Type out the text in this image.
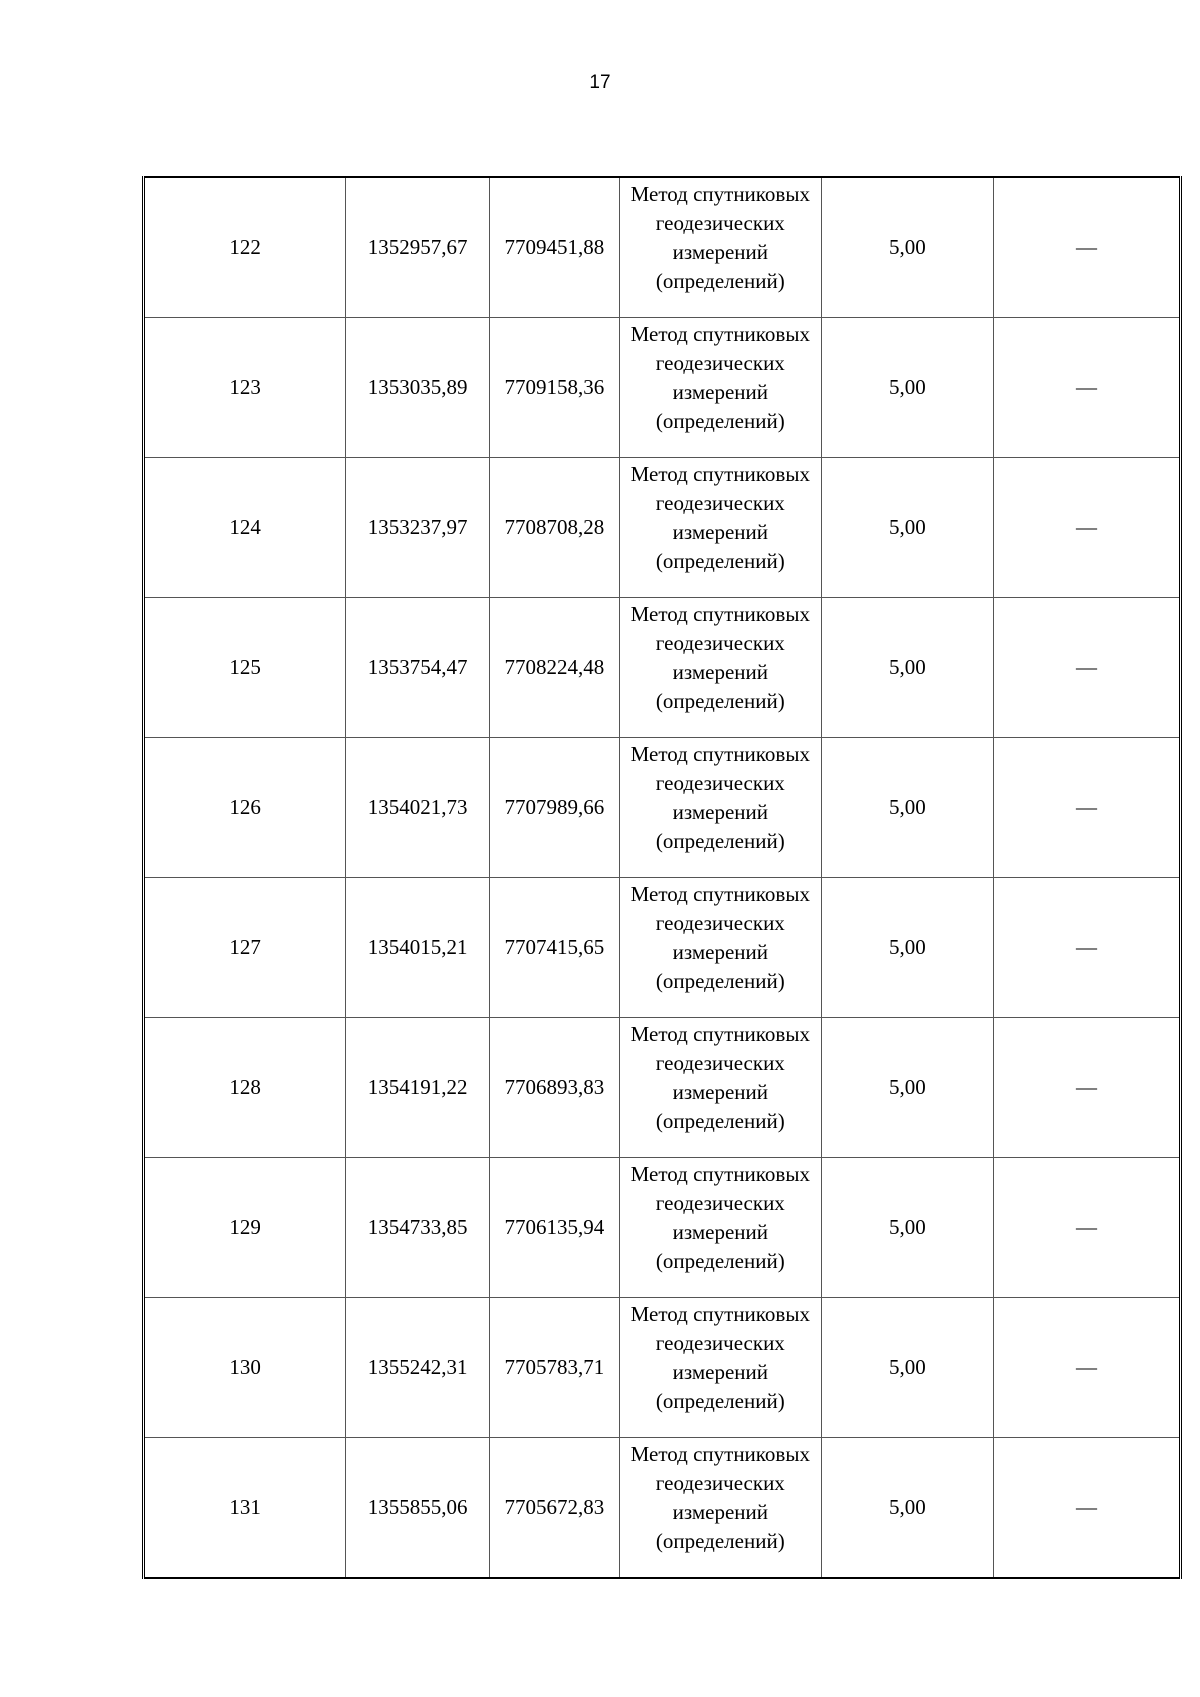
17
122	1352957,67	7709451,88	Метод спутниковых
геодезических
измерений
(определений)	5,00	—
123	1353035,89	7709158,36	Метод спутниковых
геодезических
измерений
(определений)	5,00	—
124	1353237,97	7708708,28	Метод спутниковых
геодезических
измерений
(определений)	5,00	—
125	1353754,47	7708224,48	Метод спутниковых
геодезических
измерений
(определений)	5,00	—
126	1354021,73	7707989,66	Метод спутниковых
геодезических
измерений
(определений)	5,00	—
127	1354015,21	7707415,65	Метод спутниковых
геодезических
измерений
(определений)	5,00	—
128	1354191,22	7706893,83	Метод спутниковых
геодезических
измерений
(определений)	5,00	—
129	1354733,85	7706135,94	Метод спутниковых
геодезических
измерений
(определений)	5,00	—
130	1355242,31	7705783,71	Метод спутниковых
геодезических
измерений
(определений)	5,00	—
131	1355855,06	7705672,83	Метод спутниковых
геодезических
измерений
(определений)	5,00	—
